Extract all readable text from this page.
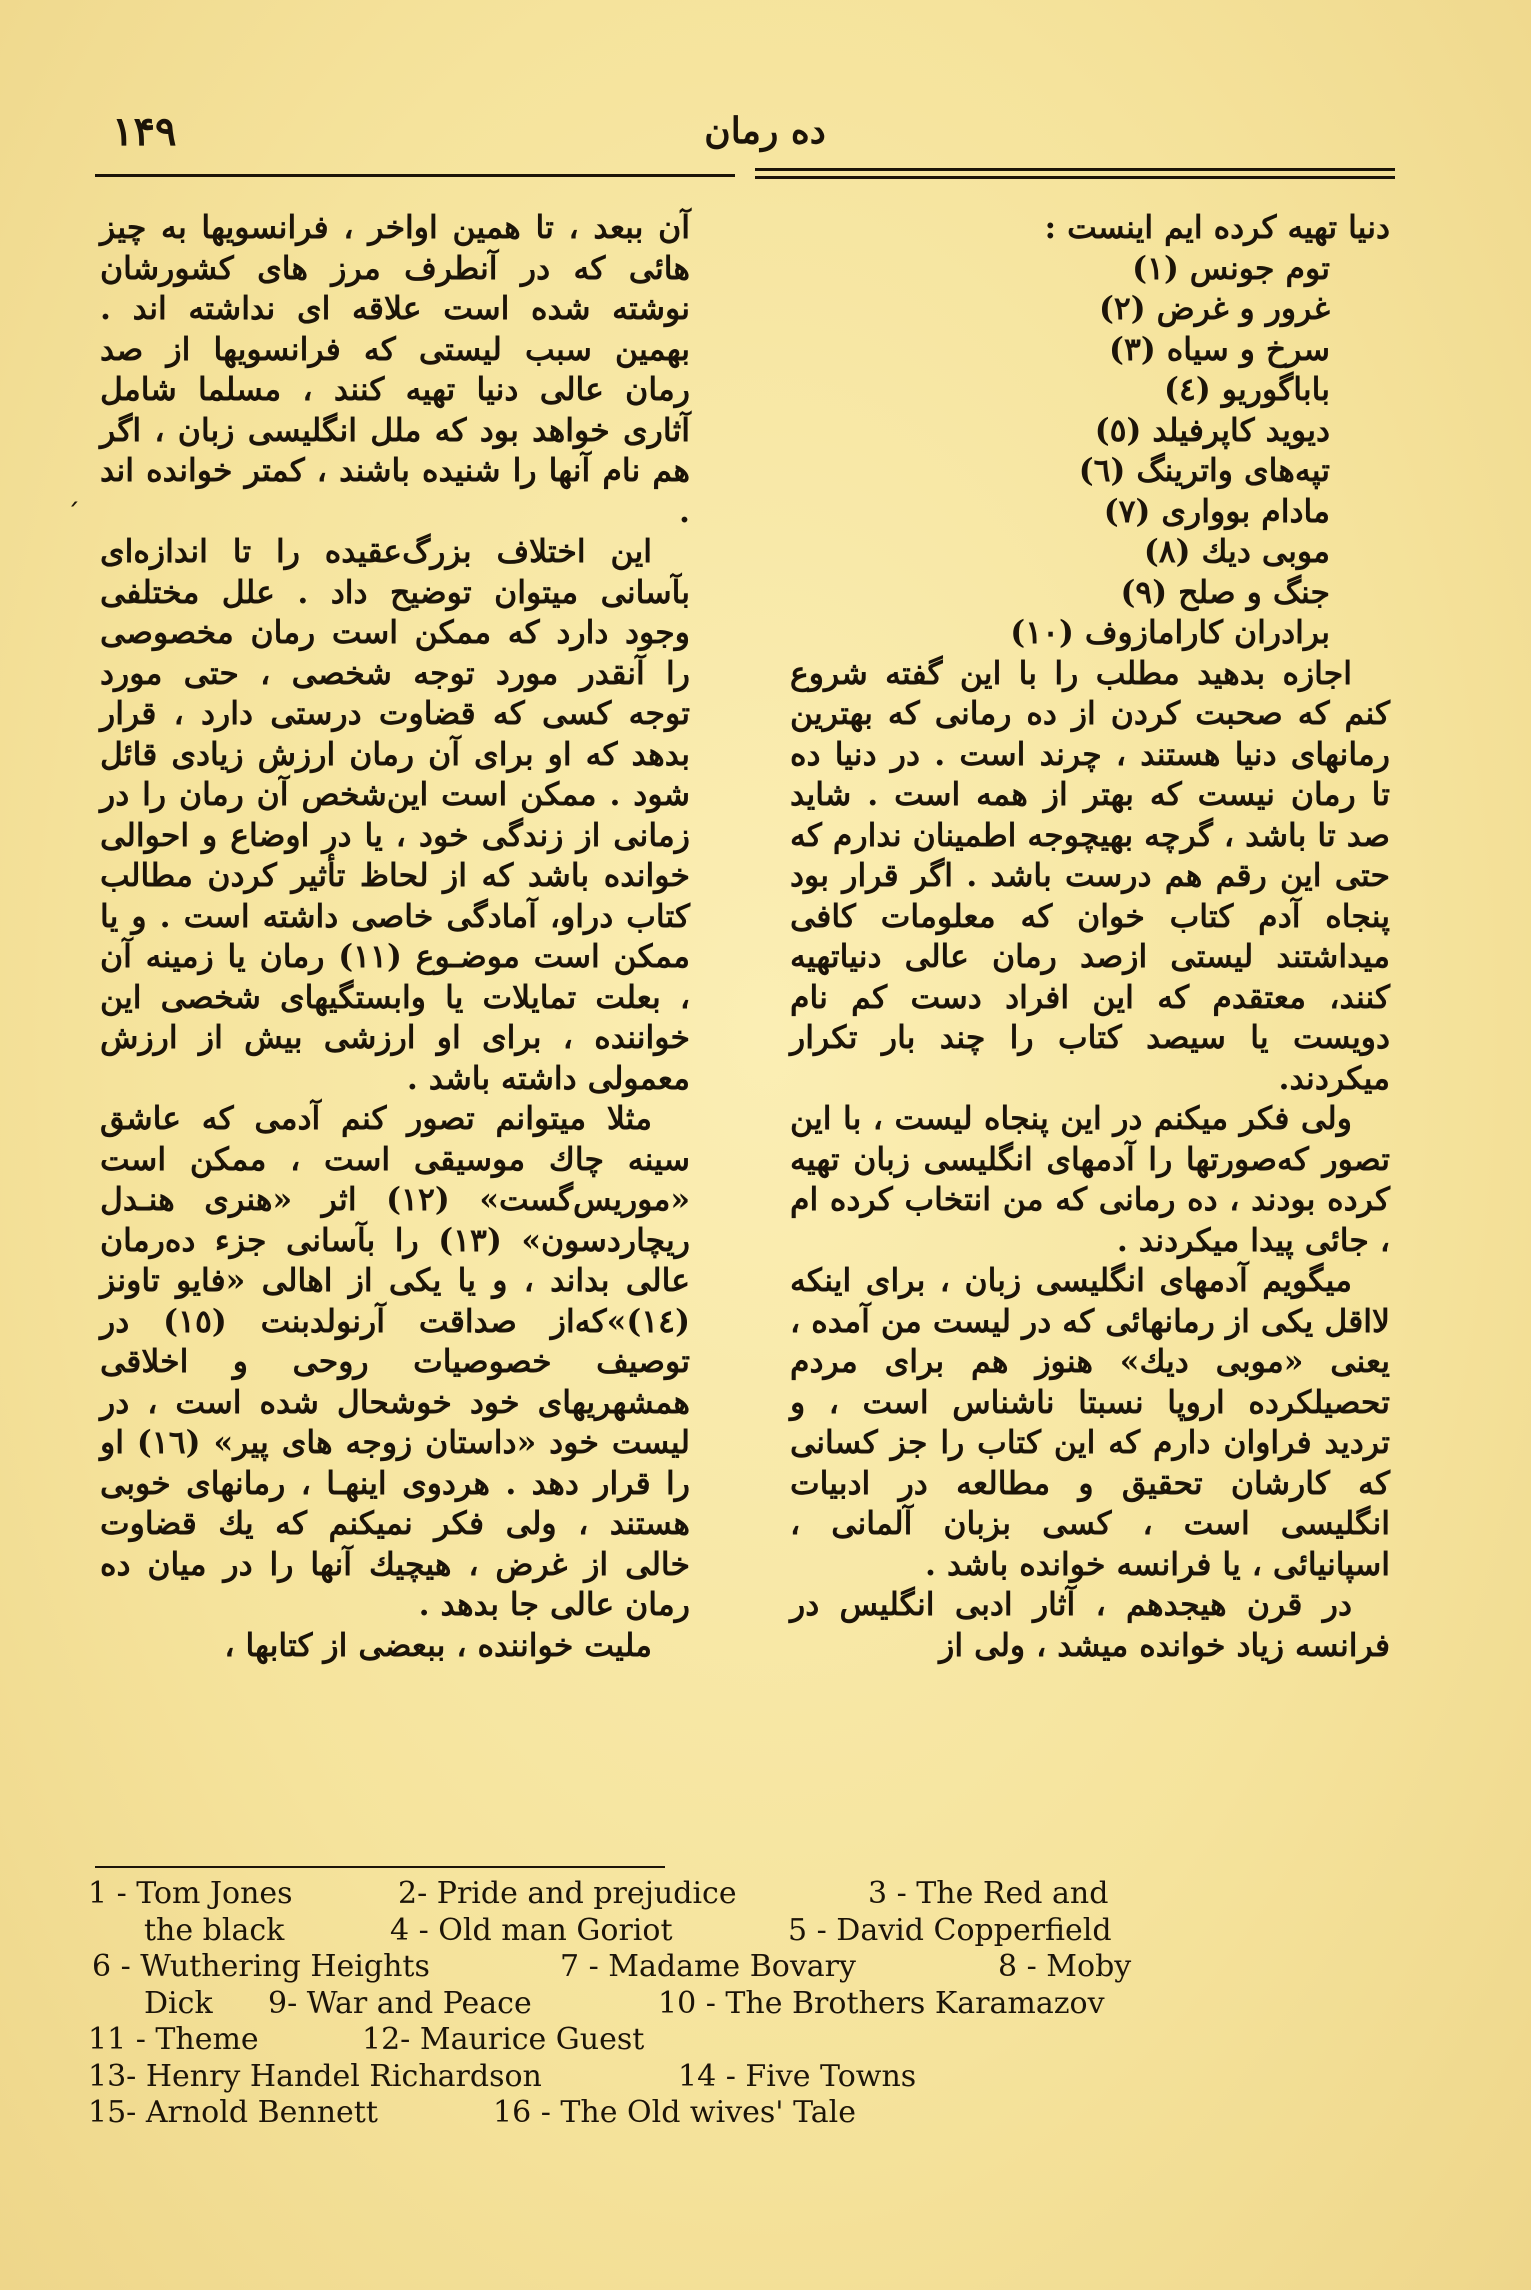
۱۴۹	ده رمان
ˏ

دنیا تهیه کرده ایم اینست :

توم جونس (۱)
غرور و غرض (۲)
سرخ و سیاه (۳)
باباگوریو (٤)
دیوید کاپرفیلد (٥)
تپه‌های واترینگ (٦)
مادام بوواری (۷)
موبی دیك (۸)
جنگ و صلح (۹)
برادران کارامازوف (۱۰)

اجازه بدهید مطلب را با این گفته شروع کنم که صحبت کردن از ده رمانی که بهترین رمانهای دنیا هستند ، چرند است . در دنیا ده تا رمان نیست که بهتر از همه است . شاید صد تا باشد ، گرچه بهیچوجه اطمینان ندارم که حتی این رقم هم درست باشد . اگر قرار بود پنجاه آدم کتاب خوان که معلومات کافی میداشتند لیستی ازصد رمان عالی دنیاتهیه کنند، معتقدم که این افراد دست کم نام دویست یا سیصد کتاب را چند بار تکرار میکردند.

ولی فکر میکنم در این پنجاه لیست ، با این تصور که‌صورتها را آدمهای انگلیسی زبان تهیه کرده بودند ، ده رمانی که من انتخاب کرده ام ، جائی پیدا میکردند .

میگویم آدمهای انگلیسی زبان ، برای اینکه لااقل یکی از رمانهائی که در لیست من آمده ، یعنی «موبی دیك» هنوز هم برای مردم تحصیلکرده اروپا نسبتا ناشناس است ، و تردید فراوان دارم که این کتاب را جز کسانی که کارشان تحقیق و مطالعه در ادبیات انگلیسی است ، کسی بزبان آلمانی ، اسپانیائی ، یا فرانسه خوانده باشد .

در قرن هیجدهم ، آثار ادبی انگلیس در فرانسه زیاد خوانده میشد ، ولی از

آن ببعد ، تا همین اواخر ، فرانسویها به چیز هائی که در آنطرف مرز های کشورشان نوشته شده است علاقه ای نداشته اند . بهمین سبب لیستی که فرانسویها از صد رمان عالی دنیا تهیه کنند ، مسلما شامل آثاری خواهد بود که ملل انگلیسی زبان ، اگر هم نام آنها را شنیده باشند ، کمتر خوانده اند .

این اختلاف بزرگ‌عقیده را تا اندازه‌ای بآسانی میتوان توضیح داد . علل مختلفی وجود دارد که ممکن است رمان مخصوصی را آنقدر مورد توجه شخصی ، حتی مورد توجه کسی که قضاوت درستی دارد ، قرار بدهد که او برای آن رمان ارزش زیادی قائل شود . ممکن است این‌شخص آن رمان را در زمانی از زندگی خود ، یا در اوضاع و احوالی خوانده باشد که از لحاظ تأثیر کردن مطالب کتاب دراو، آمادگی خاصی داشته است . و یا ممکن است موضـوع (۱۱) رمان یا زمینه آن ، بعلت تمایلات یا وابستگیهای شخصی این خواننده ، برای او ارزشی بیش از ارزش معمولی داشته باشد .

مثلا میتوانم تصور کنم آدمی که عاشق سینه چاك موسیقی است ، ممکن است «موریس‌گست» (۱۲) اثر «هنری هنـدل ریچاردسون» (۱۳) را بآسانی جزء ده‌رمان عالی بداند ، و یا یکی از اهالی «فایو تاونز (۱٤)»که‌از صداقت آرنولدبنت (۱٥) در توصیف خصوصیات روحی و اخلاقی همشهریهای خود خوشحال شده است ، در لیست خود «داستان زوجه های پیر» (۱٦) او را قرار دهد . هردوی اینهـا ، رمانهای خوبی هستند ، ولی فکر نمیکنم که یك قضاوت خالی از غرض ، هیچیك آنها را در میان ده رمان عالی جا بدهد .

ملیت خواننده ، ببعضی از کتابها ،

1 - Tom Jones	2- Pride and prejudice	3 - The Red and
the black	4 - Old man Goriot	5 - David Copperfield
6 - Wuthering Heights	7 - Madame Bovary	8 - Moby
Dick 9- War and Peace	10 - The Brothers Karamazov
11 - Theme	12- Maurice Guest
13- Henry Handel Richardson	14 - Five Towns
15- Arnold Bennett	16 - The Old wives' Tale
